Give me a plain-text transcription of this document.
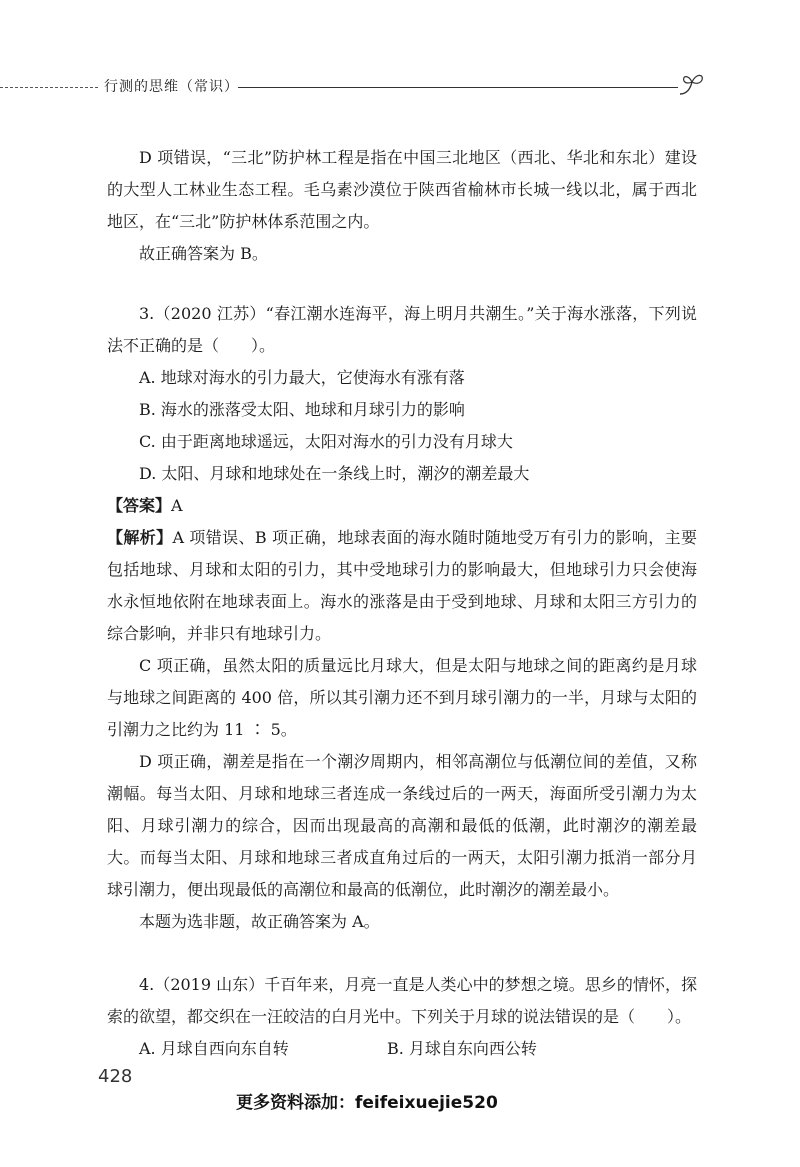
行测的思维（常识）

D 项错误，“三北”防护林工程是指在中国三北地区（西北、华北和东北）建设的大型人工林业生态工程。毛乌素沙漠位于陕西省榆林市长城一线以北，属于西北地区，在“三北”防护林体系范围之内。

故正确答案为 B。

3.（2020 江苏）“春江潮水连海平，海上明月共潮生。”关于海水涨落，下列说法不正确的是（　　）。

A. 地球对海水的引力最大，它使海水有涨有落

B. 海水的涨落受太阳、地球和月球引力的影响

C. 由于距离地球遥远，太阳对海水的引力没有月球大

D. 太阳、月球和地球处在一条线上时，潮汐的潮差最大

【答案】A

【解析】A 项错误、B 项正确，地球表面的海水随时随地受万有引力的影响，主要包括地球、月球和太阳的引力，其中受地球引力的影响最大，但地球引力只会使海水永恒地依附在地球表面上。海水的涨落是由于受到地球、月球和太阳三方引力的综合影响，并非只有地球引力。

C 项正确，虽然太阳的质量远比月球大，但是太阳与地球之间的距离约是月球与地球之间距离的 400 倍，所以其引潮力还不到月球引潮力的一半，月球与太阳的引潮力之比约为 11 ∶ 5。

D 项正确，潮差是指在一个潮汐周期内，相邻高潮位与低潮位间的差值，又称潮幅。每当太阳、月球和地球三者连成一条线过后的一两天，海面所受引潮力为太阳、月球引潮力的综合，因而出现最高的高潮和最低的低潮，此时潮汐的潮差最大。而每当太阳、月球和地球三者成直角过后的一两天，太阳引潮力抵消一部分月球引潮力，便出现最低的高潮位和最高的低潮位，此时潮汐的潮差最小。

本题为选非题，故正确答案为 A。

4.（2019 山东）千百年来，月亮一直是人类心中的梦想之境。思乡的情怀，探索的欲望，都交织在一汪皎洁的白月光中。下列关于月球的说法错误的是（　　）。

A. 月球自西向东自转	B. 月球自东向西公转
428
更多资料添加：feifeixuejie520
